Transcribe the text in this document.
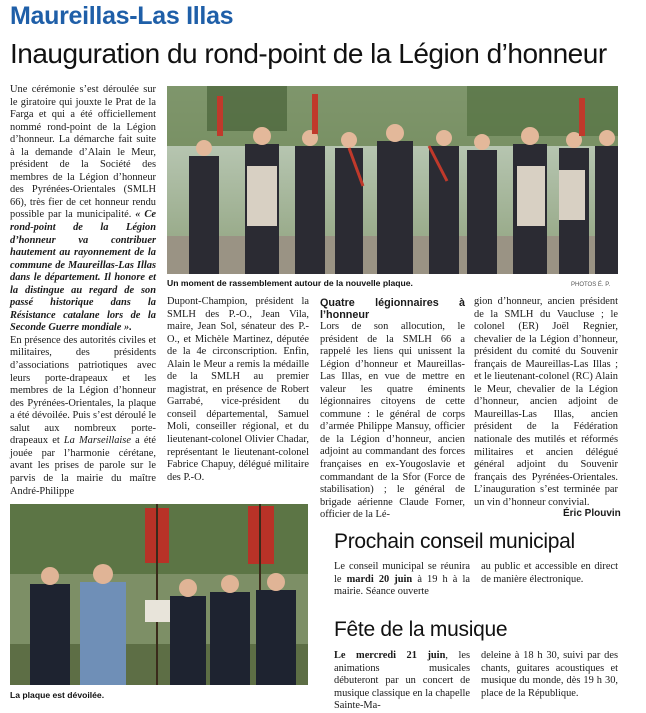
Maureillas-Las Illas
Inauguration du rond-point de la Légion d’honneur

Une cérémonie s’est déroulée sur le giratoire qui jouxte le Prat de la Farga et qui a été officiellement nommé rond-point de la Légion d’honneur. La démarche fait suite à la demande d’Alain le Meur, président de la Société des membres de la Légion d’honneur des Pyrénées-Orientales (SMLH 66), très fier de cet honneur rendu possible par la municipalité. « Ce rond-point de la Légion d’honneur va contribuer hautement au rayonnement de la commune de Maureillas-Las Illas dans le département. Il honore et la distingue au regard de son passé historique dans la Résistance catalane lors de la Seconde Guerre mondiale ».

En présence des autorités civiles et militaires, des présidents d’associations patriotiques avec leurs porte-drapeaux et les membres de la Légion d’honneur des Pyrénées-Orientales, la plaque a été dévoilée. Puis s’est déroulé le salut aux nombreux porte-drapeaux et La Marseillaise a été jouée par l’harmonie cérétane, avant les prises de parole sur le parvis de la mairie du maître André-Philippe

Un moment de rassemblement autour de la nouvelle plaque.	PHOTOS É. P.

Dupont-Champion, président la SMLH des P.-O., Jean Vila, maire, Jean Sol, sénateur des P.-O., et Michèle Martinez, députée de la 4e circonscription. Enfin, Alain le Meur a remis la médaille de la SMLH au premier magistrat, en présence de Robert Garrabé, vice-président du conseil départemental, Samuel Moli, conseiller régional, et du lieutenant-colonel Olivier Chadar, représentant le lieutenant-colonel Fabrice Chapuy, délégué militaire des P.-O.

Quatre légionnaires à l’honneur

Lors de son allocution, le président de la SMLH 66 a rappelé les liens qui unissent la Légion d’honneur et Maureillas-Las Illas, en vue de mettre en valeur les quatre éminents légionnaires citoyens de cette commune : le général de corps d’armée Philippe Mansuy, officier de la Légion d’honneur, ancien adjoint au commandant des forces françaises en ex-Yougoslavie et commandant de la Sfor (Force de stabilisation) ; le général de brigade aérienne Claude Forner, officier de la Lé-

gion d’honneur, ancien président de la SMLH du Vaucluse ; le colonel (ER) Joël Regnier, chevalier de la Légion d’honneur, président du comité du Souvenir français de Maureillas-Las Illas ; et le lieutenant-colonel (RC) Alain le Meur, chevalier de la Légion d’honneur, ancien adjoint de Maureillas-Las Illas, ancien président de la Fédération nationale des mutilés et réformés militaires et ancien délégué général adjoint du Souvenir français des Pyrénées-Orientales. L’inauguration s’est terminée par un vin d’honneur convivial.

Éric Plouvin
La plaque est dévoilée.
Prochain conseil municipal

Le conseil municipal se réunira le mardi 20 juin à 19 h à la mairie. Séance ouverte

au public et accessible en direct de manière électronique.

Fête de la musique

Le mercredi 21 juin, les animations musicales débuteront par un concert de musique classique en la chapelle Sainte-Ma-

deleine à 18 h 30, suivi par des chants, guitares acoustiques et musique du monde, dès 19 h 30, place de la République.
